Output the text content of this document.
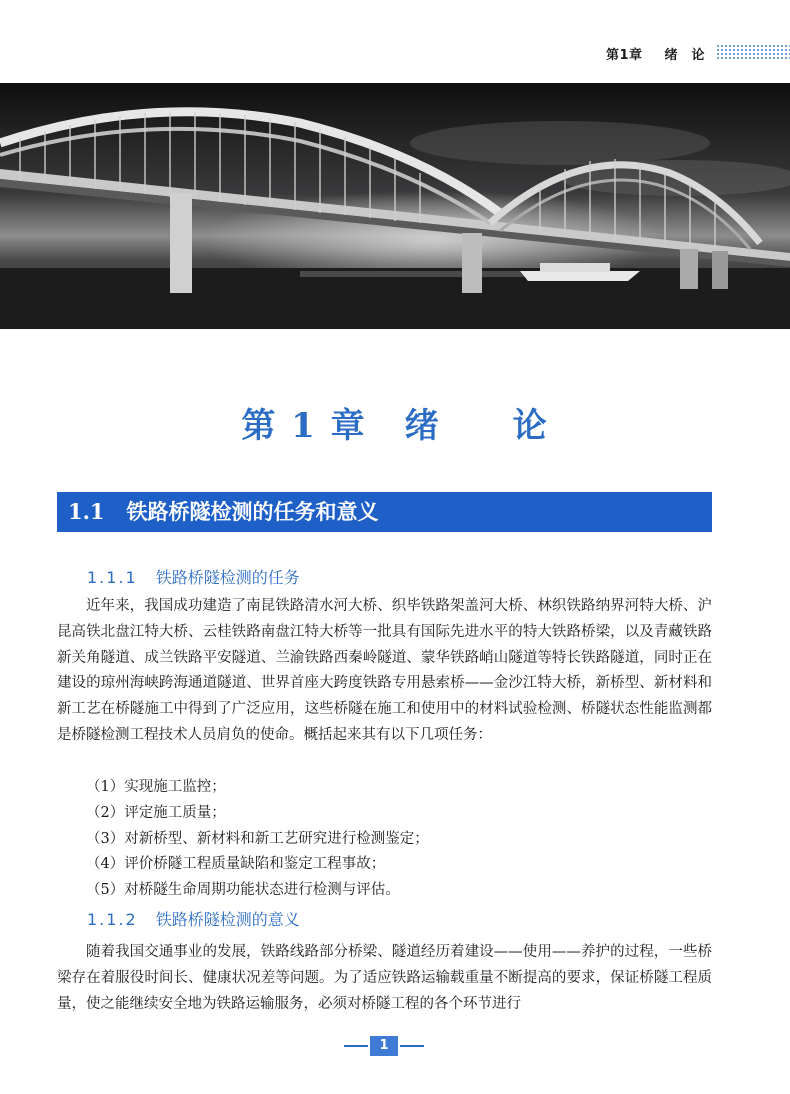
第1章 绪　论
第 1 章 绪　　论
1.1 铁路桥隧检测的任务和意义
1.1.1 铁路桥隧检测的任务

近年来，我国成功建造了南昆铁路清水河大桥、织毕铁路架盖河大桥、林织铁路纳界河特大桥、沪昆高铁北盘江特大桥、云桂铁路南盘江特大桥等一批具有国际先进水平的特大铁路桥梁，以及青藏铁路新关角隧道、成兰铁路平安隧道、兰渝铁路西秦岭隧道、蒙华铁路峭山隧道等特长铁路隧道，同时正在建设的琼州海峡跨海通道隧道、世界首座大跨度铁路专用悬索桥——金沙江特大桥，新桥型、新材料和新工艺在桥隧施工中得到了广泛应用，这些桥隧在施工和使用中的材料试验检测、桥隧状态性能监测都是桥隧检测工程技术人员肩负的使命。概括起来其有以下几项任务：

（1）实现施工监控；
（2）评定施工质量；
（3）对新桥型、新材料和新工艺研究进行检测鉴定；
（4）评价桥隧工程质量缺陷和鉴定工程事故；
（5）对桥隧生命周期功能状态进行检测与评估。
1.1.2 铁路桥隧检测的意义

随着我国交通事业的发展，铁路线路部分桥梁、隧道经历着建设——使用——养护的过程，一些桥梁存在着服役时间长、健康状况差等问题。为了适应铁路运输载重量不断提高的要求，保证桥隧工程质量，使之能继续安全地为铁路运输服务，必须对桥隧工程的各个环节进行

1
